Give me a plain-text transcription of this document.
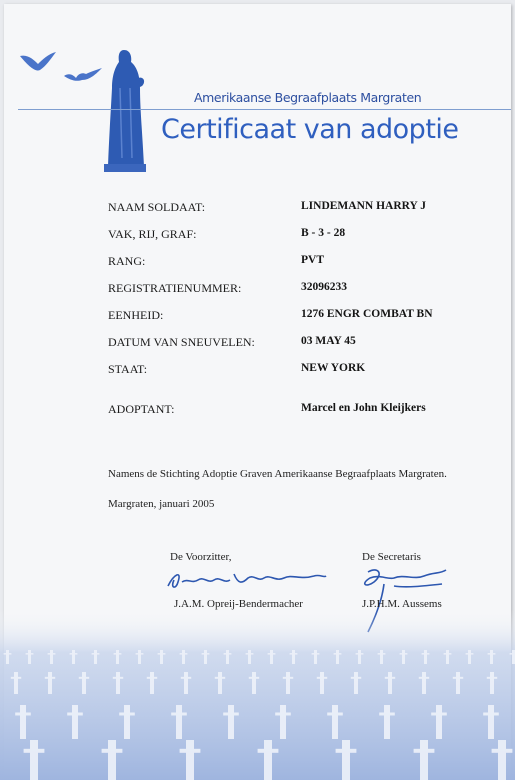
Amerikaanse Begraafplaats Margraten
Certificaat van adoptie
NAAM SOLDAAT:	LINDEMANN HARRY J
VAK, RIJ, GRAF:	B - 3 - 28
RANG:	PVT
REGISTRATIENUMMER:	32096233
EENHEID:	1276 ENGR COMBAT BN
DATUM VAN SNEUVELEN:	03 MAY 45
STAAT:	NEW YORK
ADOPTANT:	Marcel en John Kleijkers
Namens de Stichting Adoptie Graven Amerikaanse Begraafplaats Margraten.
Margraten, januari 2005
De Voorzitter,
J.A.M. Opreij-Bendermacher
De Secretaris
J.P.H.M. Aussems
